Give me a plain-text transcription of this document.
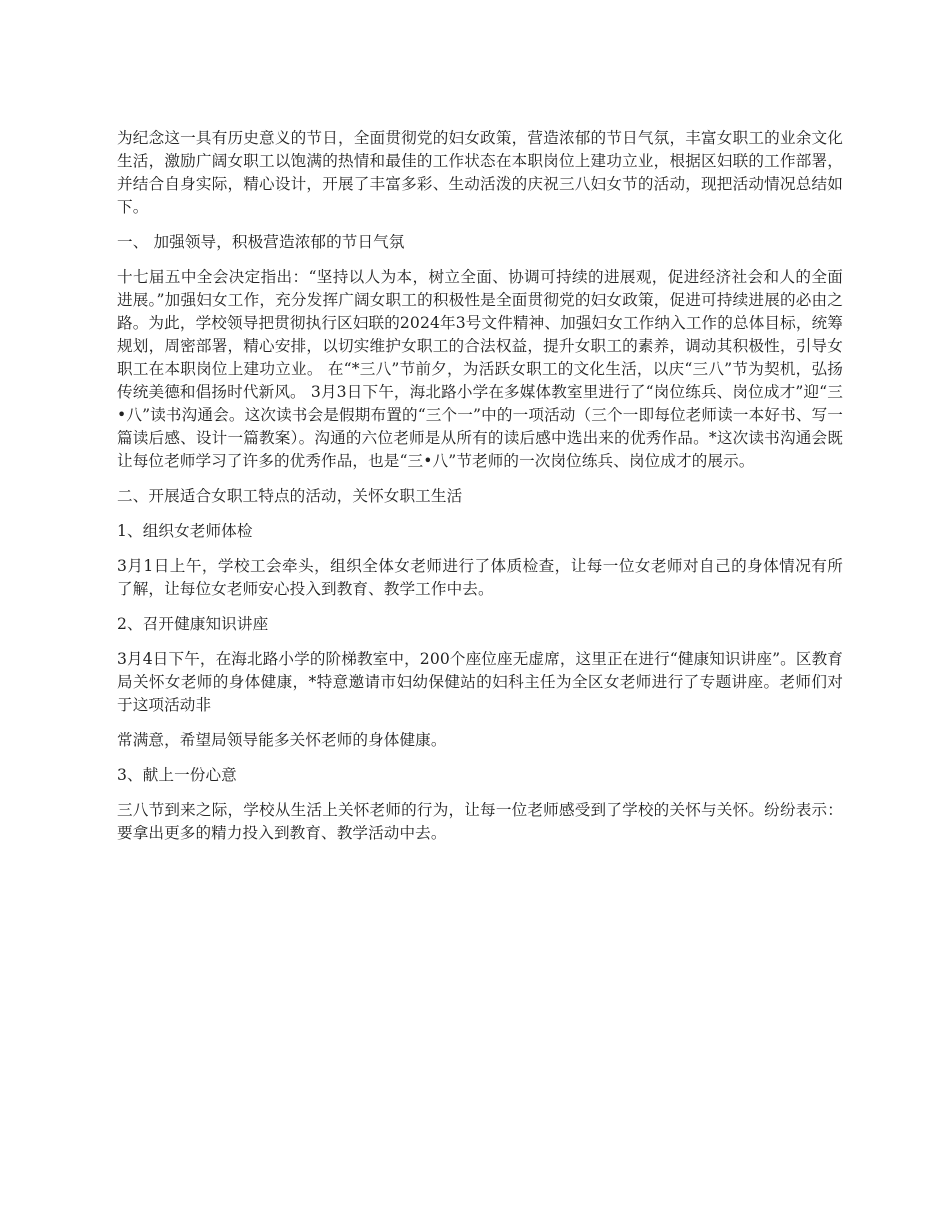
为纪念这一具有历史意义的节日，全面贯彻党的妇女政策，营造浓郁的节日气氛，丰富女职工的业余文化生活，激励广阔女职工以饱满的热情和最佳的工作状态在本职岗位上建功立业，根据区妇联的工作部署，并结合自身实际，精心设计，开展了丰富多彩、生动活泼的庆祝三八妇女节的活动，现把活动情况总结如下。

一、 加强领导，积极营造浓郁的节日气氛

十七届五中全会决定指出：“坚持以人为本，树立全面、协调可持续的进展观，促进经济社会和人的全面进展。”加强妇女工作，充分发挥广阔女职工的积极性是全面贯彻党的妇女政策，促进可持续进展的必由之路。为此，学校领导把贯彻执行区妇联的2024年3号文件精神、加强妇女工作纳入工作的总体目标，统筹规划，周密部署，精心安排，以切实维护女职工的合法权益，提升女职工的素养，调动其积极性，引导女职工在本职岗位上建功立业。 在“*三八”节前夕，为活跃女职工的文化生活，以庆“三八”节为契机，弘扬传统美德和倡扬时代新风。 3月3日下午，海北路小学在多媒体教室里进行了“岗位练兵、岗位成才”迎“三•八”读书沟通会。这次读书会是假期布置的“三个一”中的一项活动（三个一即每位老师读一本好书、写一篇读后感、设计一篇教案）。沟通的六位老师是从所有的读后感中选出来的优秀作品。*这次读书沟通会既让每位老师学习了许多的优秀作品，也是“三•八”节老师的一次岗位练兵、岗位成才的展示。

二、开展适合女职工特点的活动，关怀女职工生活

1、组织女老师体检

3月1日上午，学校工会牵头，组织全体女老师进行了体质检查，让每一位女老师对自己的身体情况有所了解，让每位女老师安心投入到教育、教学工作中去。

2、召开健康知识讲座

3月4日下午，在海北路小学的阶梯教室中，200个座位座无虚席，这里正在进行“健康知识讲座”。区教育局关怀女老师的身体健康，*特意邀请市妇幼保健站的妇科主任为全区女老师进行了专题讲座。老师们对于这项活动非

常满意，希望局领导能多关怀老师的身体健康。

3、献上一份心意

三八节到来之际，学校从生活上关怀老师的行为，让每一位老师感受到了学校的关怀与关怀。纷纷表示：要拿出更多的精力投入到教育、教学活动中去。
